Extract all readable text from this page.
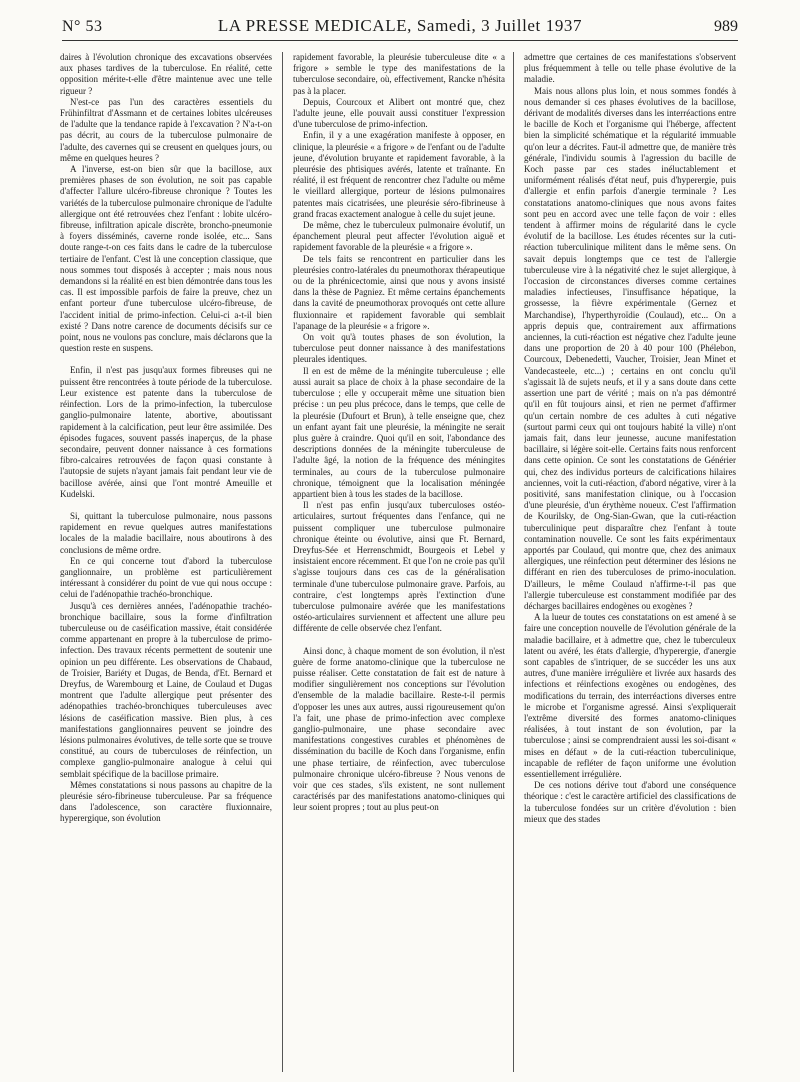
N° 53	LA PRESSE MEDICALE, Samedi, 3 Juillet 1937	989

daires à l'évolution chronique des excavations observées aux phases tardives de la tuberculose. En réalité, cette opposition mérite-t-elle d'être maintenue avec une telle rigueur ?

N'est-ce pas l'un des caractères essentiels du Frühinfiltrat d'Assmann et de certaines lobites ulcéreuses de l'adulte que la tendance rapide à l'excavation ? N'a-t-on pas décrit, au cours de la tuberculose pulmonaire de l'adulte, des cavernes qui se creusent en quelques jours, ou même en quelques heures ?

A l'inverse, est-on bien sûr que la bacillose, aux premières phases de son évolution, ne soit pas capable d'affecter l'allure ulcéro-fibreuse chronique ? Toutes les variétés de la tuberculose pulmonaire chronique de l'adulte allergique ont été retrouvées chez l'enfant : lobite ulcéro-fibreuse, infiltration apicale discrète, broncho-pneumonie à foyers disséminés, caverne ronde isolée, etc... Sans doute range-t-on ces faits dans le cadre de la tuberculose tertiaire de l'enfant. C'est là une conception classique, que nous sommes tout disposés à accepter ; mais nous nous demandons si la réalité en est bien démontrée dans tous les cas. Il est impossible parfois de faire la preuve, chez un enfant porteur d'une tuberculose ulcéro-fibreuse, de l'accident initial de primo-infection. Celui-ci a-t-il bien existé ? Dans notre carence de documents décisifs sur ce point, nous ne voulons pas conclure, mais déclarons que la question reste en suspens.

Enfin, il n'est pas jusqu'aux formes fibreuses qui ne puissent être rencontrées à toute période de la tuberculose. Leur existence est patente dans la tuberculose de réinfection. Lors de la primo-infection, la tuberculose ganglio-pulmonaire latente, abortive, aboutissant rapidement à la calcification, peut leur être assimilée. Des épisodes fugaces, souvent passés inaperçus, de la phase secondaire, peuvent donner naissance à ces formations fibro-calcaires retrouvées de façon quasi constante à l'autopsie de sujets n'ayant jamais fait pendant leur vie de bacillose avérée, ainsi que l'ont montré Ameuille et Kudelski.

Si, quittant la tuberculose pulmonaire, nous passons rapidement en revue quelques autres manifestations locales de la maladie bacillaire, nous aboutirons à des conclusions de même ordre.

En ce qui concerne tout d'abord la tuberculose ganglionnaire, un problème est particulièrement intéressant à considérer du point de vue qui nous occupe : celui de l'adénopathie trachéo-bronchique.

Jusqu'à ces dernières années, l'adénopathie trachéo-bronchique bacillaire, sous la forme d'infiltration tuberculeuse ou de caséification massive, était considérée comme appartenant en propre à la tuberculose de primo-infection. Des travaux récents permettent de soutenir une opinion un peu différente. Les observations de Chabaud, de Troisier, Bariéty et Dugas, de Benda, d'Et. Bernard et Dreyfus, de Warembourg et Laine, de Coulaud et Dugas montrent que l'adulte allergique peut présenter des adénopathies trachéo-bronchiques tuberculeuses avec lésions de caséification massive. Bien plus, à ces manifestations ganglionnaires peuvent se joindre des lésions pulmonaires évolutives, de telle sorte que se trouve constitué, au cours de tuberculoses de réinfection, un complexe ganglio-pulmonaire analogue à celui qui semblait spécifique de la bacillose primaire.

Mêmes constatations si nous passons au chapitre de la pleurésie séro-fibrineuse tuberculeuse. Par sa fréquence dans l'adolescence, son caractère fluxionnaire, hyperergique, son évolution

rapidement favorable, la pleurésie tuberculeuse dite « a frigore » semble le type des manifestations de la tuberculose secondaire, où, effectivement, Rancke n'hésita pas à la placer.

Depuis, Courcoux et Alibert ont montré que, chez l'adulte jeune, elle pouvait aussi constituer l'expression d'une tuberculose de primo-infection.

Enfin, il y a une exagération manifeste à opposer, en clinique, la pleurésie « a frigore » de l'enfant ou de l'adulte jeune, d'évolution bruyante et rapidement favorable, à la pleurésie des phtisiques avérés, latente et traînante. En réalité, il est fréquent de rencontrer chez l'adulte ou même le vieillard allergique, porteur de lésions pulmonaires patentes mais cicatrisées, une pleurésie séro-fibrineuse à grand fracas exactement analogue à celle du sujet jeune.

De même, chez le tuberculeux pulmonaire évolutif, un épanchement pleural peut affecter l'évolution aiguë et rapidement favorable de la pleurésie « a frigore ».

De tels faits se rencontrent en particulier dans les pleurésies contro-latérales du pneumothorax thérapeutique ou de la phrénicectomie, ainsi que nous y avons insisté dans la thèse de Pagniez. Et même certains épanchements dans la cavité de pneumothorax provoqués ont cette allure fluxionnaire et rapidement favorable qui semblait l'apanage de la pleurésie « a frigore ».

On voit qu'à toutes phases de son évolution, la tuberculose peut donner naissance à des manifestations pleurales identiques.

Il en est de même de la méningite tuberculeuse ; elle aussi aurait sa place de choix à la phase secondaire de la tuberculose ; elle y occuperait même une situation bien précise : un peu plus précoce, dans le temps, que celle de la pleurésie (Dufourt et Brun), à telle enseigne que, chez un enfant ayant fait une pleurésie, la méningite ne serait plus guère à craindre. Quoi qu'il en soit, l'abondance des descriptions données de la méningite tuberculeuse de l'adulte âgé, la notion de la fréquence des méningites terminales, au cours de la tuberculose pulmonaire chronique, témoignent que la localisation méningée appartient bien à tous les stades de la bacillose.

Il n'est pas enfin jusqu'aux tuberculoses ostéo-articulaires, surtout fréquentes dans l'enfance, qui ne puissent compliquer une tuberculose pulmonaire chronique éteinte ou évolutive, ainsi que Ft. Bernard, Dreyfus-Sée et Herrenschmidt, Bourgeois et Lebel y insistaient encore récemment. Et que l'on ne croie pas qu'il s'agisse toujours dans ces cas de la généralisation terminale d'une tuberculose pulmonaire grave. Parfois, au contraire, c'est longtemps après l'extinction d'une tuberculose pulmonaire avérée que les manifestations ostéo-articulaires surviennent et affectent une allure peu différente de celle observée chez l'enfant.

Ainsi donc, à chaque moment de son évolution, il n'est guère de forme anatomo-clinique que la tuberculose ne puisse réaliser. Cette constatation de fait est de nature à modifier singulièrement nos conceptions sur l'évolution d'ensemble de la maladie bacillaire. Reste-t-il permis d'opposer les unes aux autres, aussi rigoureusement qu'on l'a fait, une phase de primo-infection avec complexe ganglio-pulmonaire, une phase secondaire avec manifestations congestives curables et phénomènes de dissémination du bacille de Koch dans l'organisme, enfin une phase tertiaire, de réinfection, avec tuberculose pulmonaire chronique ulcéro-fibreuse ? Nous venons de voir que ces stades, s'ils existent, ne sont nullement caractérisés par des manifestations anatomo-cliniques qui leur soient propres ; tout au plus peut-on

admettre que certaines de ces manifestations s'observent plus fréquemment à telle ou telle phase évolutive de la maladie.

Mais nous allons plus loin, et nous sommes fondés à nous demander si ces phases évolutives de la bacillose, dérivant de modalités diverses dans les interréactions entre le bacille de Koch et l'organisme qui l'héberge, affectent bien la simplicité schématique et la régularité immuable qu'on leur a décrites. Faut-il admettre que, de manière très générale, l'individu soumis à l'agression du bacille de Koch passe par ces stades inéluctablement et uniformément réalisés d'état neuf, puis d'hyperergie, puis d'allergie et enfin parfois d'anergie terminale ? Les constatations anatomo-cliniques que nous avons faites sont peu en accord avec une telle façon de voir : elles tendent à affirmer moins de régularité dans le cycle évolutif de la bacillose. Les études récentes sur la cuti-réaction tuberculinique militent dans le même sens. On savait depuis longtemps que ce test de l'allergie tuberculeuse vire à la négativité chez le sujet allergique, à l'occasion de circonstances diverses comme certaines maladies infectieuses, l'insuffisance hépatique, la grossesse, la fièvre expérimentale (Gernez et Marchandise), l'hyperthyroïdie (Coulaud), etc... On a appris depuis que, contrairement aux affirmations anciennes, la cuti-réaction est négative chez l'adulte jeune dans une proportion de 20 à 40 pour 100 (Phélebon, Courcoux, Debenedetti, Vaucher, Troisier, Jean Minet et Vandecasteele, etc...) ; certains en ont conclu qu'il s'agissait là de sujets neufs, et il y a sans doute dans cette assertion une part de vérité ; mais on n'a pas démontré qu'il en fût toujours ainsi, et rien ne permet d'affirmer qu'un certain nombre de ces adultes à cuti négative (surtout parmi ceux qui ont toujours habité la ville) n'ont jamais fait, dans leur jeunesse, aucune manifestation bacillaire, si légère soit-elle. Certains faits nous renforcent dans cette opinion. Ce sont les constatations de Générier qui, chez des individus porteurs de calcifications hilaires anciennes, voit la cuti-réaction, d'abord négative, virer à la positivité, sans manifestation clinique, ou à l'occasion d'une pleurésie, d'un érythème noueux. C'est l'affirmation de Kourilsky, de Ong-Sian-Gwan, que la cuti-réaction tuberculinique peut disparaître chez l'enfant à toute contamination nouvelle. Ce sont les faits expérimentaux apportés par Coulaud, qui montre que, chez des animaux allergiques, une réinfection peut déterminer des lésions ne différant en rien des tuberculoses de primo-inoculation. D'ailleurs, le même Coulaud n'affirme-t-il pas que l'allergie tuberculeuse est constamment modifiée par des décharges bacillaires endogènes ou exogènes ?

A la lueur de toutes ces constatations on est amené à se faire une conception nouvelle de l'évolution générale de la maladie bacillaire, et à admettre que, chez le tuberculeux latent ou avéré, les états d'allergie, d'hyperergie, d'anergie sont capables de s'intriquer, de se succéder les uns aux autres, d'une manière irrégulière et livrée aux hasards des infections et réinfections exogènes ou endogènes, des modifications du terrain, des interréactions diverses entre le microbe et l'organisme agressé. Ainsi s'expliquerait l'extrême diversité des formes anatomo-cliniques réalisées, à tout instant de son évolution, par la tuberculose ; ainsi se comprendraient aussi les soi-disant « mises en défaut » de la cuti-réaction tuberculinique, incapable de refléter de façon uniforme une évolution essentiellement irrégulière.

De ces notions dérive tout d'abord une conséquence théorique : c'est le caractère artificiel des classifications de la tuberculose fondées sur un critère d'évolution : bien mieux que des stades
